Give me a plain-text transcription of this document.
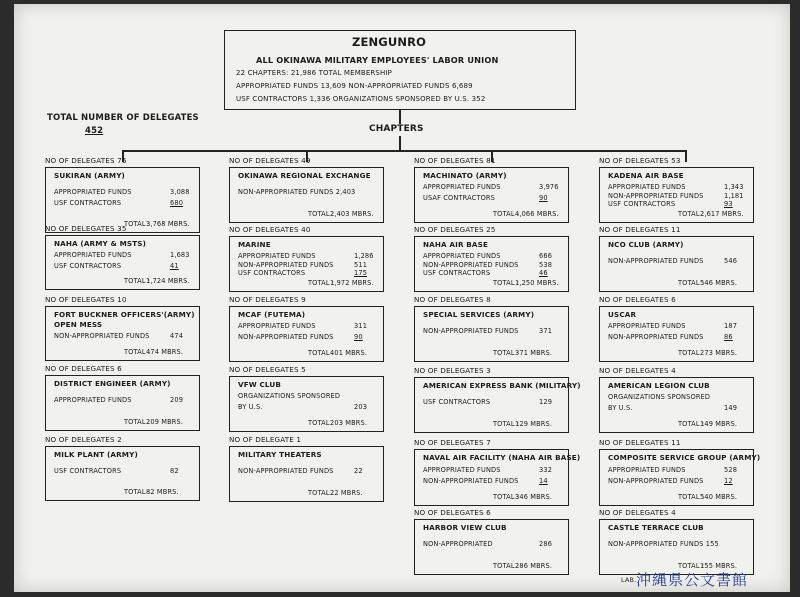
ZENGUNRO
ALL OKINAWA MILITARY EMPLOYEES' LABOR UNION
22 CHAPTERS: 21,986 TOTAL MEMBERSHIP
APPROPRIATED FUNDS 13,609 NON-APPROPRIATED FUNDS 6,689
USF CONTRACTORS 1,336 ORGANIZATIONS SPONSORED BY U.S. 352
TOTAL NUMBER OF DELEGATES
452	CHAPTERS
NO OF DELEGATES 76
SUKIRAN (ARMY)
APPROPRIATED FUNDS	3,088
USF CONTRACTORS	680
TOTAL :
3,768 MBRS.
NO OF DELEGATES 35
NAHA (ARMY & MSTS)
APPROPRIATED FUNDS	1,683
USF CONTRACTORS	41
TOTAL :
1,724 MBRS.
NO OF DELEGATES 10
FORT BUCKNER OFFICERS'(ARMY)
OPEN MESS
NON-APPROPRIATED FUNDS	474
TOTAL :
474 MBRS.
NO OF DELEGATES 6
DISTRICT ENGINEER (ARMY)
APPROPRIATED FUNDS	209
TOTAL :
209 MBRS.
NO OF DELEGATES 2
MILK PLANT (ARMY)
USF CONTRACTORS	82
TOTAL :
82 MBRS.
NO OF DELEGATES 49
OKINAWA REGIONAL EXCHANGE
NON-APPROPRIATED FUNDS 2,403
TOTAL :
2,403 MBRS.
NO OF DELEGATES 40
MARINE
APPROPRIATED FUNDS	1,286
NON-APPROPRIATED FUNDS	511
USF CONTRACTORS	175
TOTAL :
1,972 MBRS.
NO OF DELEGATES 9
MCAF (FUTEMA)
APPROPRIATED FUNDS	311
NON-APPROPRIATED FUNDS	90
TOTAL 401 MBRS.
NO OF DELEGATES 5
VFW CLUB
ORGANIZATIONS SPONSORED
BY U.S.	203
TOTAL 203 MBRS.
NO OF DELEGATE 1
MILITARY THEATERS
NON-APPROPRIATED FUNDS	22
TOTAL :
22 MBRS.
NO OF DELEGATES 81
MACHINATO (ARMY)
APPROPRIATED FUNDS	3,976
USAF CONTRACTORS	90
TOTAL :
4,066 MBRS.
NO OF DELEGATES 25
NAHA AIR BASE
APPROPRIATED FUNDS	666
NON-APPROPRIATED FUNDS	538
USF CONTRACTORS	46
TOTAL :
1,250 MBRS.
NO OF DELEGATES 8
SPECIAL SERVICES (ARMY)
NON-APPROPRIATED FUNDS	371
TOTAL 371 MBRS.
NO OF DELEGATES 3
AMERICAN EXPRESS BANK (MILITARY)
USF CONTRACTORS	129
TOTAL :
129 MBRS.
NO OF DELEGATES 7
NAVAL AIR FACILITY (NAHA AIR BASE)
APPROPRIATED FUNDS	332
NON-APPROPRIATED FUNDS	14
TOTAL :
346 MBRS.
NO OF DELEGATES 6
HARBOR VIEW CLUB
NON-APPROPRIATED	286
TOTAL :
286 MBRS.
NO OF DELEGATES 53
KADENA AIR BASE
APPROPRIATED FUNDS	1,343
NON-APPROPRIATED FUNDS	1,181
USF CONTRACTORS	93
TOTAL :
2,617 MBRS.
NO OF DELEGATES 11
NCO CLUB (ARMY)
NON-APPROPRIATED FUNDS	546
TOTAL :
546 MBRS.
NO OF DELEGATES 6
USCAR
APPROPRIATED FUNDS	187
NON-APPROPRIATED FUNDS	86
TOTAL 273 MBRS.
NO OF DELEGATES 4
AMERICAN LEGION CLUB
ORGANIZATIONS SPONSORED
BY U.S.	149
TOTAL :
149 MBRS.
NO OF DELEGATES 11
COMPOSITE SERVICE GROUP (ARMY)
APPROPRIATED FUNDS	528
NON-APPROPRIATED FUNDS	12
TOTAL :
540 MBRS.
NO OF DELEGATES 4
CASTLE TERRACE CLUB
NON-APPROPRIATED FUNDS 155
TOTAL :
155 MBRS.
LAB. 沖縄県公文書館
